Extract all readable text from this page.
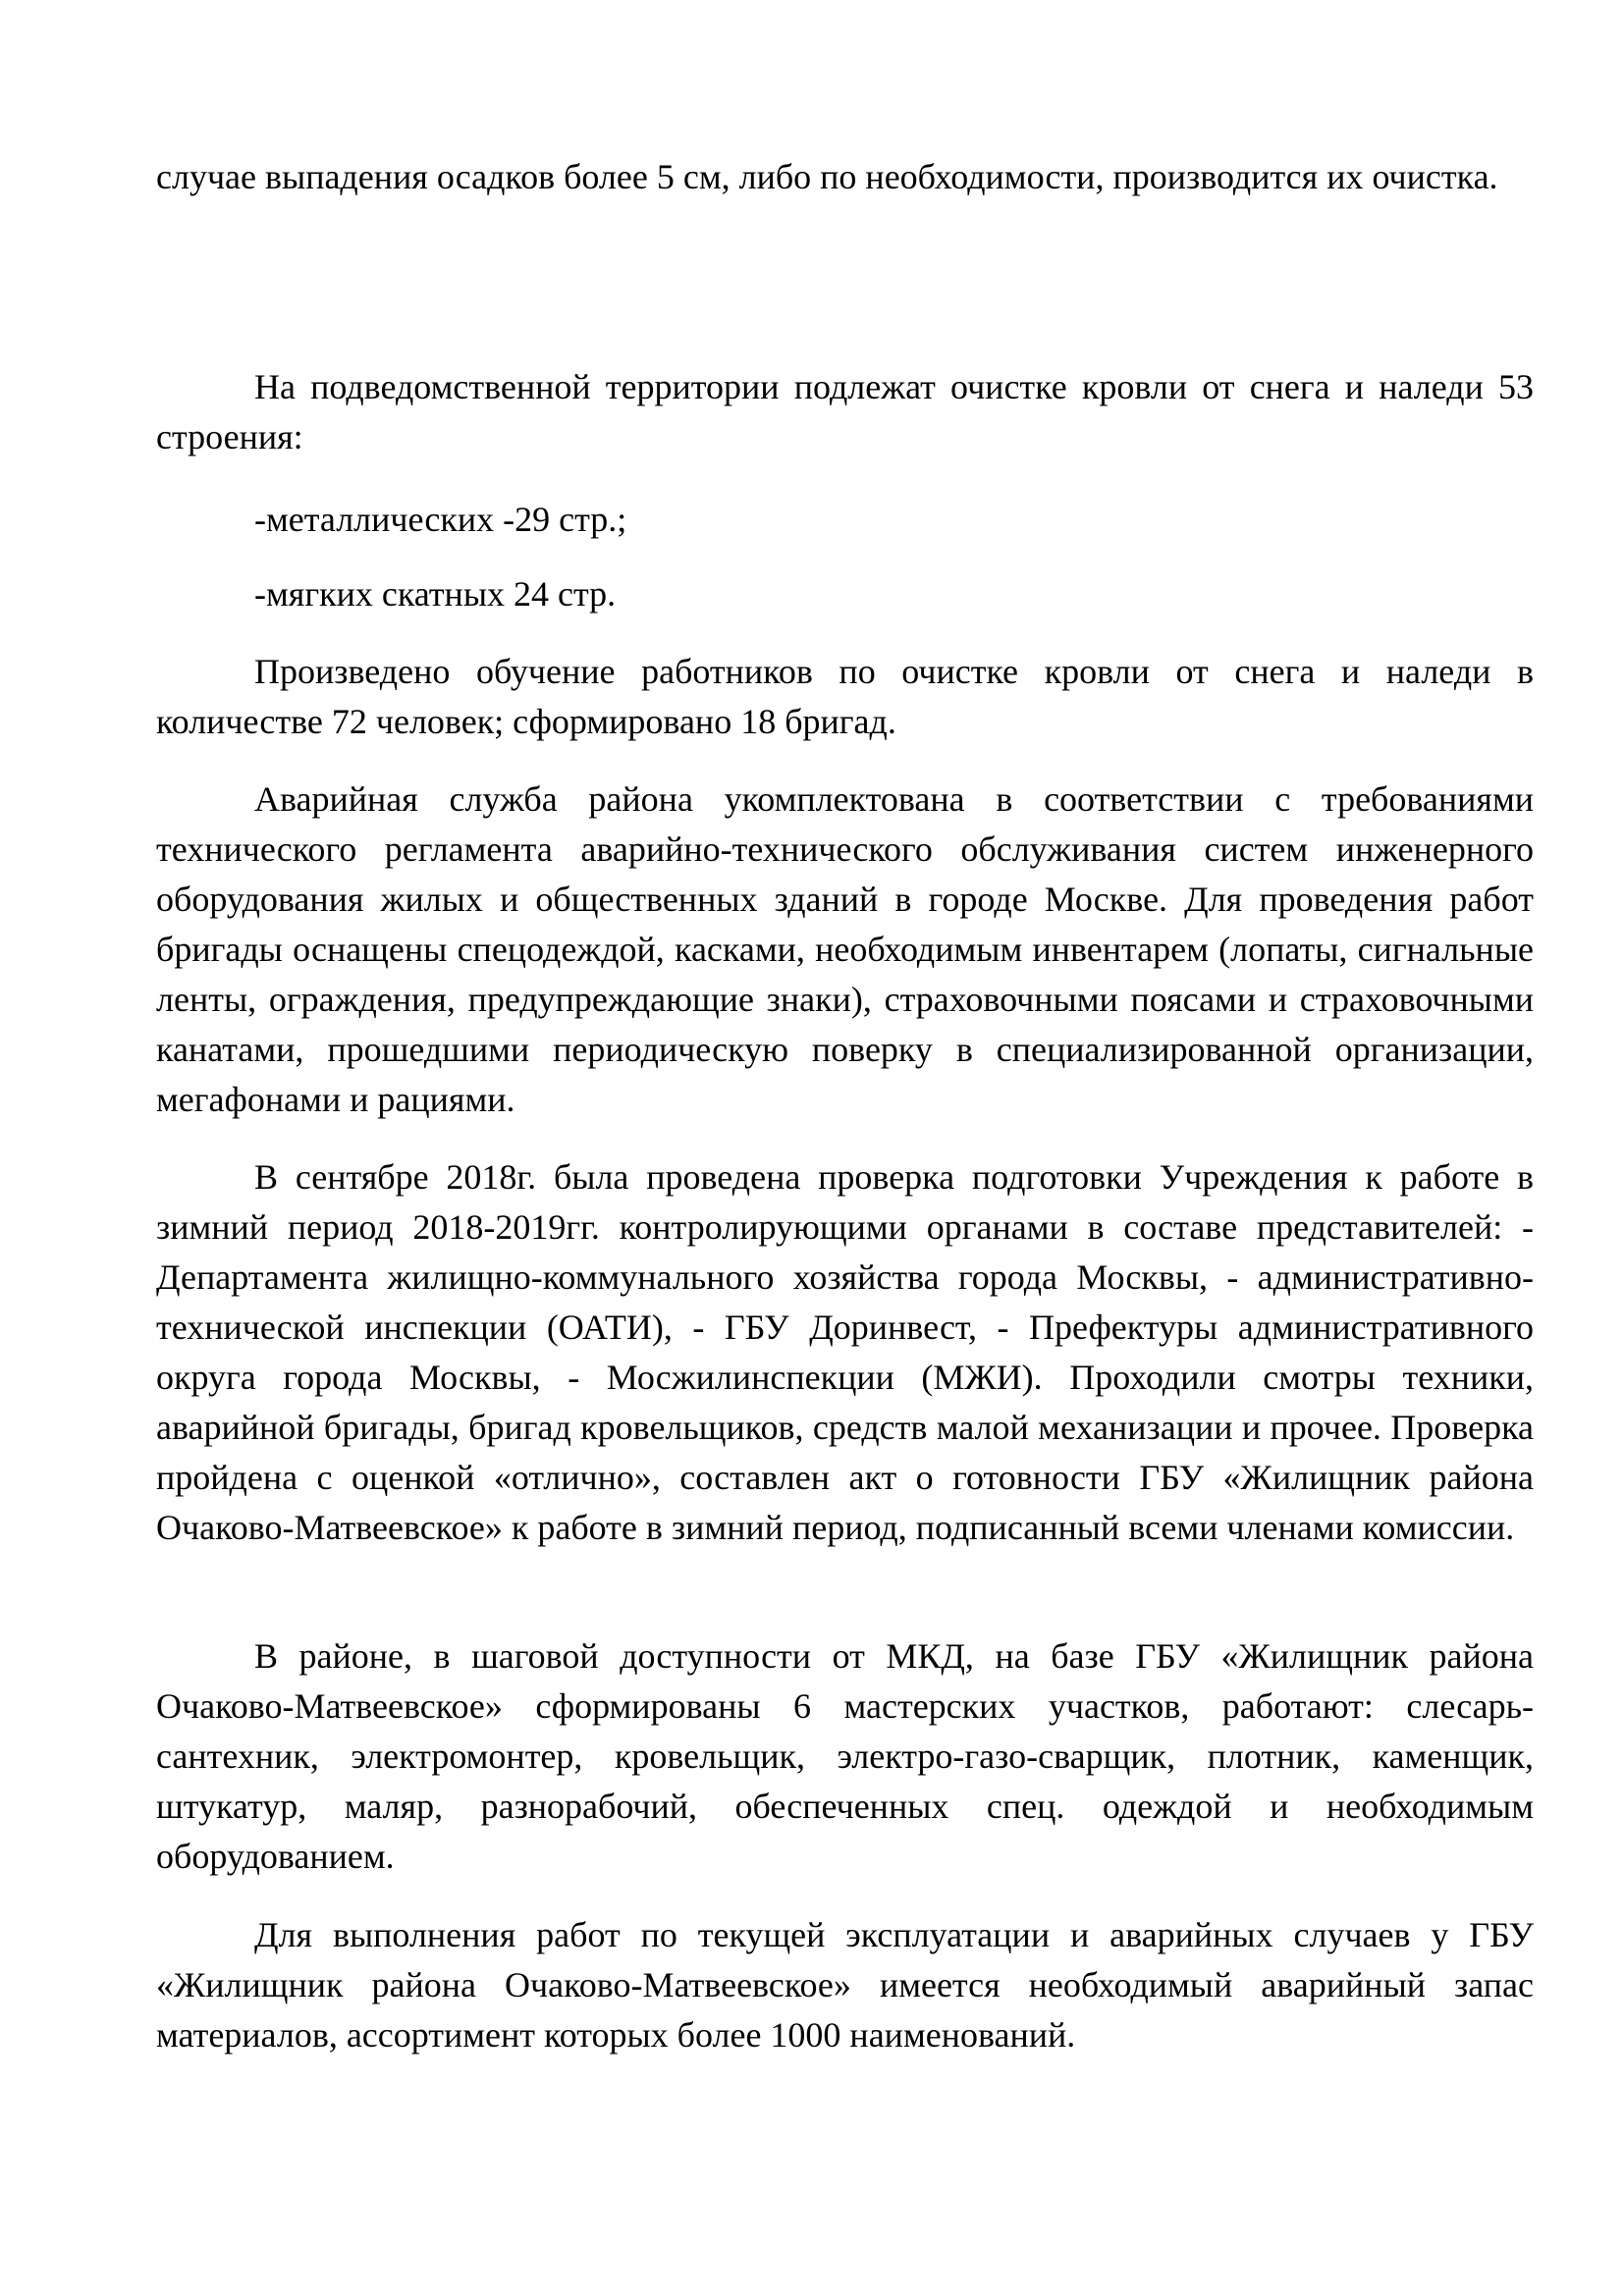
случае выпадения осадков более 5 см, либо по необходимости, производится их очистка.

На подведомственной территории подлежат очистке кровли от снега и наледи 53 строения:

-металлических -29 стр.;

-мягких скатных 24 стр.

Произведено обучение работников по очистке кровли от снега и наледи в количестве 72 человек; сформировано 18 бригад.

Аварийная служба района укомплектована в соответствии с требованиями технического регламента аварийно-технического обслуживания систем инженерного оборудования жилых и общественных зданий в городе Москве. Для проведения работ бригады оснащены спецодеждой, касками, необходимым инвентарем (лопаты, сигнальные ленты, ограждения, предупреждающие знаки), страховочными поясами и страховочными канатами, прошедшими периодическую поверку в специализированной организации, мегафонами и рациями.

В сентябре 2018г. была проведена проверка подготовки Учреждения к работе в зимний период 2018-2019гг. контролирующими органами в составе представителей: - Департамента жилищно-коммунального хозяйства города Москвы, - административно-технической инспекции (ОАТИ), - ГБУ Доринвест, - Префектуры административного округа города Москвы, - Мосжилинспекции (МЖИ). Проходили смотры техники, аварийной бригады, бригад кровельщиков, средств малой механизации и прочее. Проверка пройдена с оценкой «отлично», составлен акт о готовности ГБУ «Жилищник района Очаково-Матвеевское» к работе в зимний период, подписанный всеми членами комиссии.

В районе, в шаговой доступности от МКД, на базе ГБУ «Жилищник района Очаково-Матвеевское» сформированы 6 мастерских участков, работают: слесарь-сантехник, электромонтер, кровельщик, электро-газо-сварщик, плотник, каменщик, штукатур, маляр, разнорабочий, обеспеченных спец. одеждой и необходимым оборудованием.

Для выполнения работ по текущей эксплуатации и аварийных случаев у ГБУ «Жилищник района Очаково-Матвеевское» имеется необходимый аварийный запас материалов, ассортимент которых более 1000 наименований.
